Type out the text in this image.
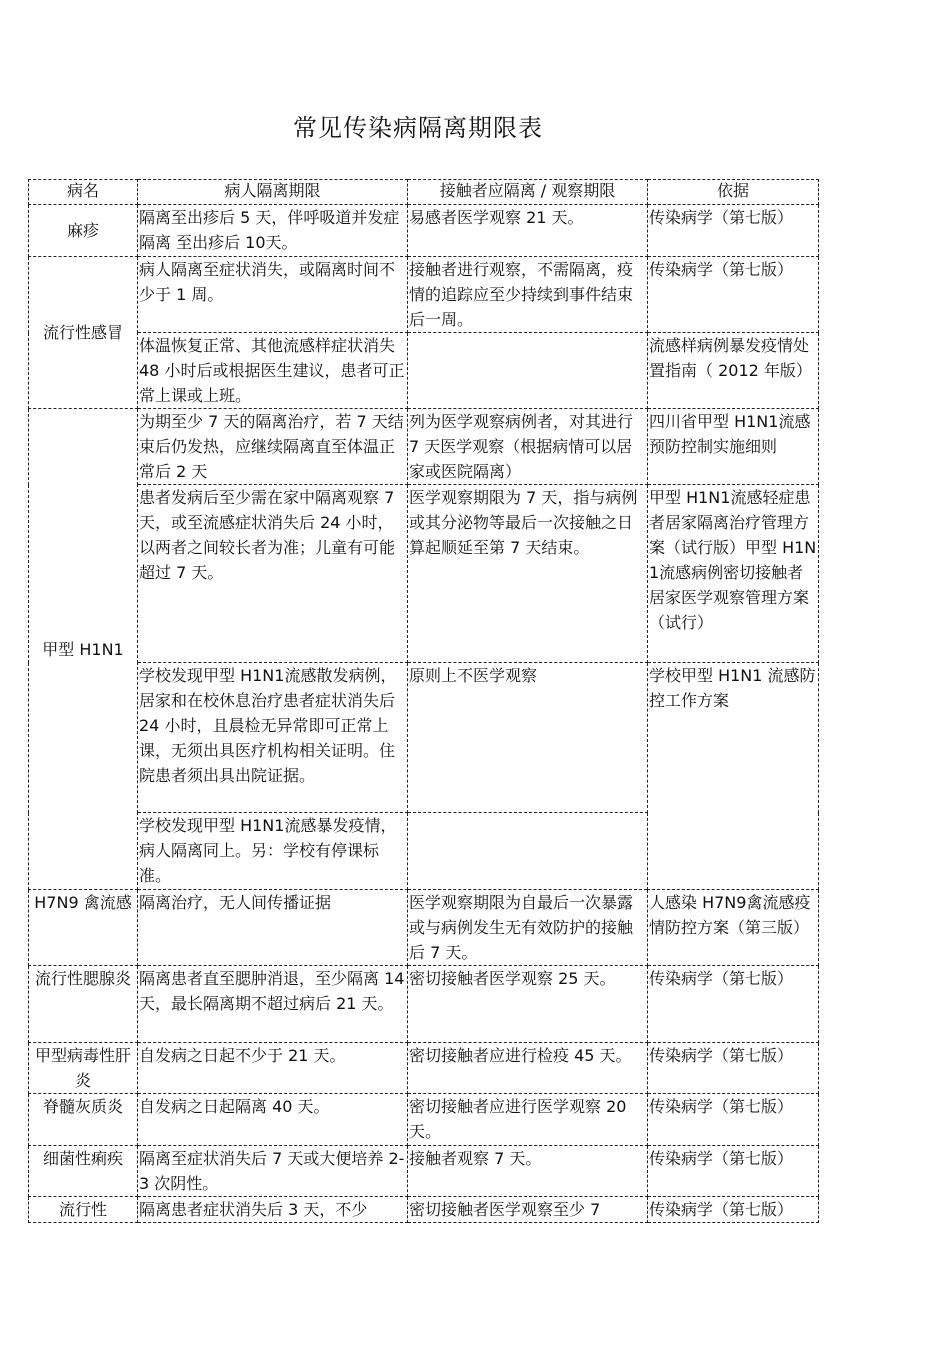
常见传染病隔离期限表
病名	病人隔离期限	接触者应隔离 / 观察期限	依据
麻疹	隔离至出疹后 5 天，伴呼吸道并发症隔离 至出疹后 10天。	易感者医学观察 21 天。	传染病学（第七版）
流行性感冒	病人隔离至症状消失，或隔离时间不少于 1 周。	接触者进行观察，不需隔离，疫情的追踪应至少持续到事件结束后一周。	传染病学（第七版）
	体温恢复正常、其他流感样症状消失 48 小时后或根据医生建议，患者可正常上课或上班。		流感样病例暴发疫情处置指南（ 2012 年版）
甲型 H1N1	为期至少 7 天的隔离治疗，若 7 天结束后仍发热，应继续隔离直至体温正常后 2 天	列为医学观察病例者，对其进行 7 天医学观察（根据病情可以居家或医院隔离）	四川省甲型 H1N1流感预防控制实施细则
	患者发病后至少需在家中隔离观察 7 天，或至流感症状消失后 24 小时，以两者之间较长者为准；儿童有可能超过 7 天。	医学观察期限为 7 天，指与病例或其分泌物等最后一次接触之日算起顺延至第 7 天结束。	甲型 H1N1流感轻症患者居家隔离治疗管理方案（试行版）甲型 H1N1流感病例密切接触者居家医学观察管理方案 （试行）
	学校发现甲型 H1N1流感散发病例，居家和在校休息治疗患者症状消失后 24 小时，且晨检无异常即可正常上课，无须出具医疗机构相关证明。住院患者须出具出院证据。	原则上不医学观察	学校甲型 H1N1 流感防控工作方案
	学校发现甲型 H1N1流感暴发疫情，病人隔离同上。另：学校有停课标准。		
H7N9 禽流感	隔离治疗，无人间传播证据	医学观察期限为自最后一次暴露或与病例发生无有效防护的接触后 7 天。	人感染 H7N9禽流感疫情防控方案（第三版）
流行性腮腺炎	隔离患者直至腮肿消退，至少隔离 14 天，最长隔离期不超过病后 21 天。	密切接触者医学观察 25 天。	传染病学（第七版）
甲型病毒性肝炎	自发病之日起不少于 21 天。	密切接触者应进行检疫 45 天。	传染病学（第七版）
脊髓灰质炎	自发病之日起隔离 40 天。	密切接触者应进行医学观察 20 天。	传染病学（第七版）
细菌性痢疾	隔离至症状消失后 7 天或大便培养 2-3 次阴性。	接触者观察 7 天。	传染病学（第七版）
流行性	隔离患者症状消失后 3 天，不少	密切接触者医学观察至少 7	传染病学（第七版）
